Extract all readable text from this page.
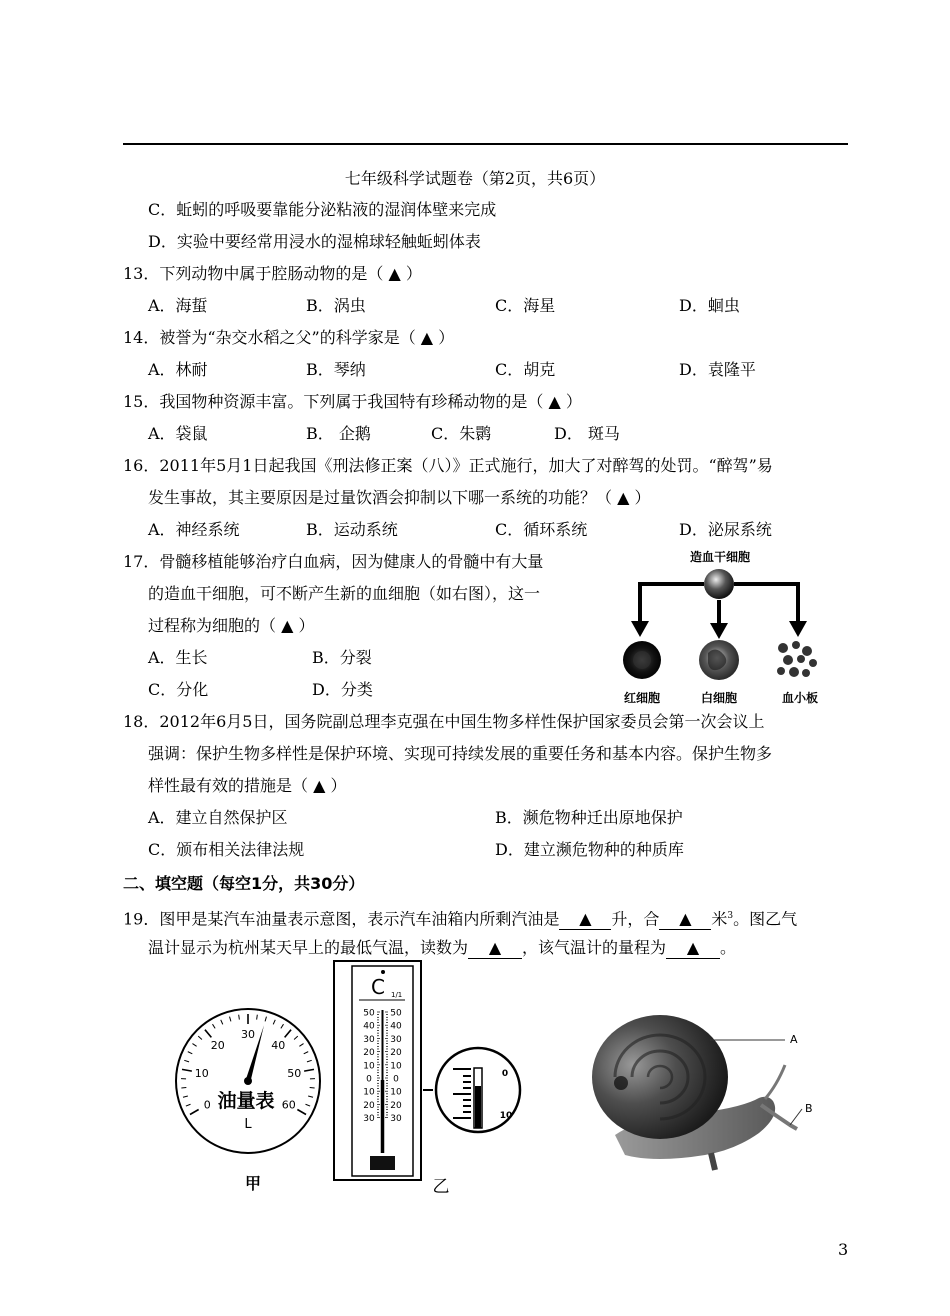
七年级科学试题卷（第2页，共6页）
C．蚯蚓的呼吸要靠能分泌粘液的湿润体壁来完成
D．实验中要经常用浸水的湿棉球轻触蚯蚓体表
13．下列动物中属于腔肠动物的是（ ▲ ）
A．海蜇	B．涡虫	C．海星	D．蛔虫
14．被誉为“杂交水稻之父”的科学家是（ ▲ ）
A．林耐	B．琴纳	C．胡克	D．袁隆平
15．我国物种资源丰富。下列属于我国特有珍稀动物的是（ ▲ ）
A．袋鼠	B． 企鹅	C．朱鹮	D． 斑马
16．2011年5月1日起我国《刑法修正案（八）》正式施行，加大了对醉驾的处罚。“醉驾”易
发生事故，其主要原因是过量饮酒会抑制以下哪一系统的功能？（ ▲ ）
A．神经系统	B．运动系统	C．循环系统	D．泌尿系统
17．骨髓移植能够治疗白血病，因为健康人的骨髓中有大量
的造血干细胞，可不断产生新的血细胞（如右图），这一
过程称为细胞的（ ▲ ）
A．生长	B．分裂
C．分化	D．分类
造血干细胞
红细胞	白细胞	血小板
18．2012年6月5日，国务院副总理李克强在中国生物多样性保护国家委员会第一次会议上
强调：保护生物多样性是保护环境、实现可持续发展的重要任务和基本内容。保护生物多
样性最有效的措施是（ ▲ ）
A．建立自然保护区	B．濒危物种迁出原地保护
C．颁布相关法律法规	D．建立濒危物种的种质库
二、填空题（每空1分，共30分）
19．图甲是某汽车油量表示意图，表示汽车油箱内所剩汽油是 ▲ 升，合 ▲ 米$^3$。图乙气
温计显示为杭州某天早上的最低气温，读数为 ▲ ，该气温计的量程为 ▲ 。
0
10
20
30
40
50
60
油量表
L
甲
C 1/1
50 50
40 40
30 30
20 20
10 10
0 0
10 10
20 20
30 30
乙
0
10
A
B
3
